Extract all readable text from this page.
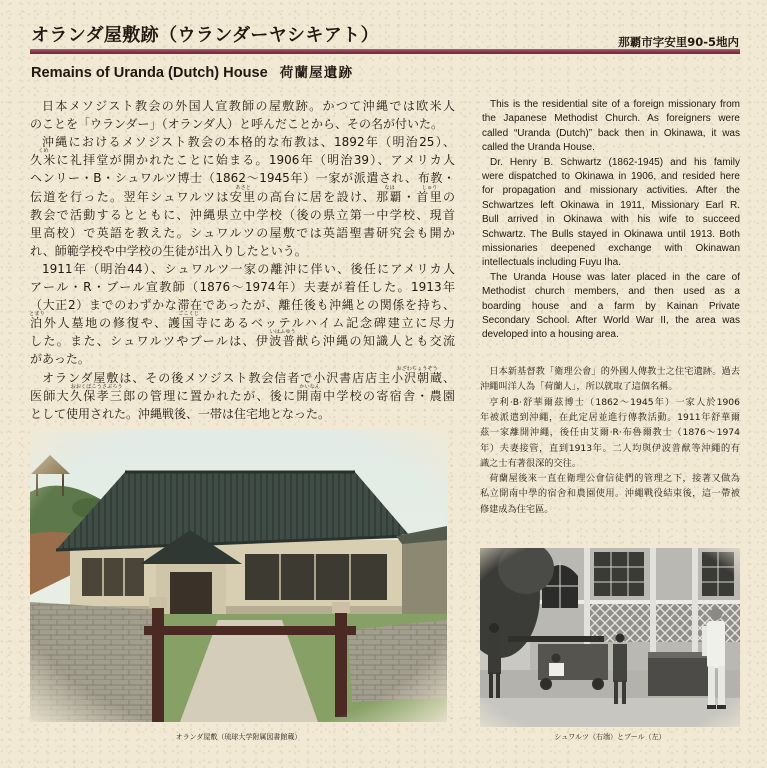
オランダ屋敷跡（ウランダーヤシキアト）	那覇市字安里90-5地内
Remains of Uranda (Dutch) House 荷蘭屋遺跡
日本メソジスト教会の外国人宣教師の屋敷跡。かつて沖縄では欧米人
のことを「ウランダー」（オランダ人）と呼んだことから、その名が付いた。
沖縄におけるメソジスト教会の本格的な布教は、1892年（明治25）、
久米
くめ
に礼拝堂が開かれたことに始まる。1906年（明治39）、アメリカ人
ヘンリー・B・シュワルツ博士（1862～1945年）一家が派遣され、布教・
伝道を行った。翌年シュワルツは安里
あさと
の高台に居を設け、那覇
なは
・首里
しゅり
の
教会で活動するとともに、沖縄県立中学校（後の県立第一中学校、現首
里高校）で英語を教えた。シュワルツの屋敷では英語聖書研究会も開か
れ、師範学校や中学校の生徒が出入りしたという。
1911年（明治44）、シュワルツ一家の離沖に伴い、後任にアメリカ人
アール・R・ブール宣教師（1876～1974年）夫妻が着任した。1913年
（大正2）までのわずかな滞在であったが、離任後も沖縄との関係を持ち、
泊
とまり
外人墓地の修復や、護国寺
ごこくじ
にあるベッテルハイム記念碑建立に尽力
した。また、シュワルツやブールは、伊波普猷
いはふゆう
ら沖縄の知識人とも交流
があった。
オランダ屋敷は、その後メソジスト教会信者で小沢書店店主小沢朝蔵
おざわちょうぞう
、
医師大久保孝三郎
おおくぼこうさぶろう
の管理に置かれたが、後に開南
かいなん
中学校の寄宿舎・農園
として使用された。沖縄戦後、一帯は住宅地となった。
This is the residential site of a foreign missionary from
the Japanese Methodist Church. As foreigners were
called “Uranda (Dutch)” back then in Okinawa, it was
called the Uranda House.
Dr. Henry B. Schwartz (1862-1945) and his family
were dispatched to Okinawa in 1906, and resided here
for propagation and missionary activities. After the
Schwartzes left Okinawa in 1911, Missionary Earl R.
Bull arrived in Okinawa with his wife to succeed
Schwartz. The Bulls stayed in Okinawa until 1913. Both
missionaries deepened exchange with Okinawan
intellectuals including Fuyu Iha.
The Uranda House was later placed in the care of
Methodist church members, and then used as a
boarding house and a farm by Kainan Private
Secondary School. After World War II, the area was
developed into a housing area.
日本新基督教「衛理公會」的外國人傳教士之住宅遺跡。過去
沖繩叫洋人為「荷蘭人」，所以就取了這個名稱。
亨利·B·舒華爾茲博士（1862～1945年）一家人於1906
年被派遣到沖繩，在此定居並進行傳教活動。1911年舒華爾
茲一家離開沖繩，後任由艾爾·R·布魯爾教士（1876～1974
年）夫妻接管，直到1913年。二人均與伊波普猷等沖繩的有
識之士有著很深的交往。
荷蘭屋後來一直在衛理公會信徒們的管理之下，接著又做為
私立開南中學的宿舍和農園使用。沖繩戰役結束後，這一帶被
修建成為住宅區。
オランダ屋敷（琉球大学附属図書館蔵）	シュワルツ（右端）とブール（左）
